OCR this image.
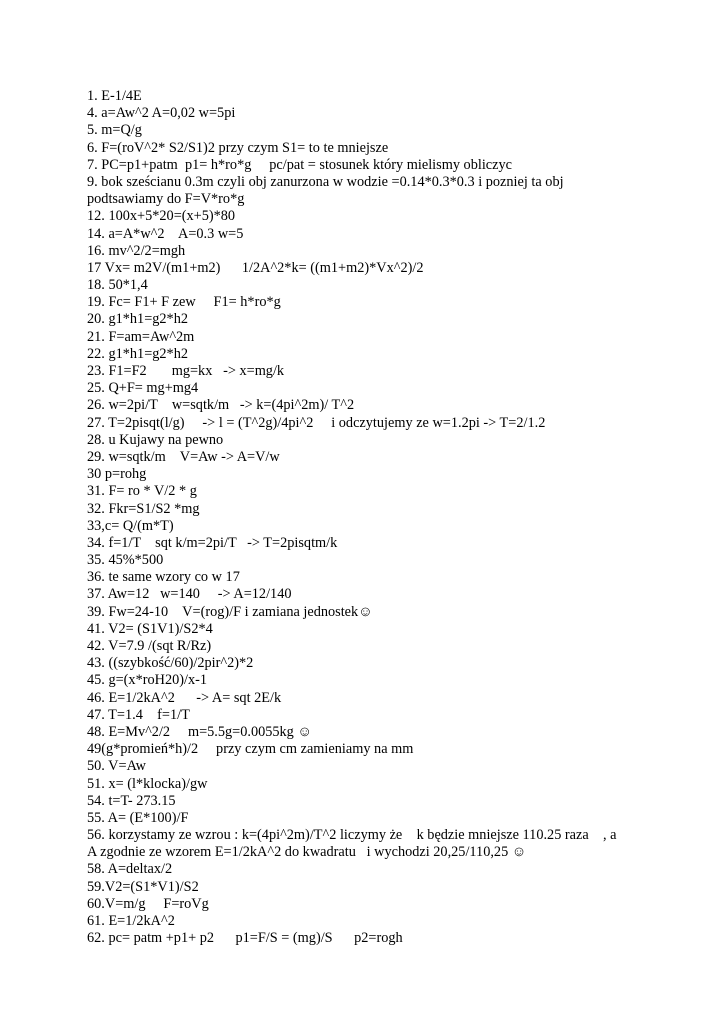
1. E-1/4E
4. a=Aw^2 A=0,02 w=5pi
5. m=Q/g
6. F=(roV^2* S2/S1)2 przy czym S1= to te mniejsze
7. PC=p1+patm  p1= h*ro*g     pc/pat = stosunek który mielismy obliczyc
9. bok sześcianu 0.3m czyli obj zanurzona w wodzie =0.14*0.3*0.3 i pozniej ta obj
podtsawiamy do F=V*ro*g
12. 100x+5*20=(x+5)*80
14. a=A*w^2    A=0.3 w=5
16. mv^2/2=mgh
17 Vx= m2V/(m1+m2)      1/2A^2*k= ((m1+m2)*Vx^2)/2
18. 50*1,4
19. Fc= F1+ F zew     F1= h*ro*g
20. g1*h1=g2*h2
21. F=am=Aw^2m
22. g1*h1=g2*h2
23. F1=F2       mg=kx   -> x=mg/k
25. Q+F= mg+mg4
26. w=2pi/T    w=sqtk/m   -> k=(4pi^2m)/ T^2
27. T=2pisqt(l/g)     -> l = (T^2g)/4pi^2     i odczytujemy ze w=1.2pi -> T=2/1.2
28. u Kujawy na pewno
29. w=sqtk/m    V=Aw -> A=V/w
30 p=rohg
31. F= ro * V/2 * g
32. Fkr=S1/S2 *mg
33,c= Q/(m*T)
34. f=1/T    sqt k/m=2pi/T   -> T=2pisqtm/k
35. 45%*500
36. te same wzory co w 17
37. Aw=12   w=140     -> A=12/140
39. Fw=24-10    V=(rog)/F i zamiana jednostek☺
41. V2= (S1V1)/S2*4
42. V=7.9 /(sqt R/Rz)
43. ((szybkość/60)/2pir^2)*2
45. g=(x*roH20)/x-1
46. E=1/2kA^2      -> A= sqt 2E/k
47. T=1.4    f=1/T
48. E=Mv^2/2     m=5.5g=0.0055kg ☺
49(g*promień*h)/2     przy czym cm zamieniamy na mm
50. V=Aw
51. x= (l*klocka)/gw
54. t=T- 273.15
55. A= (E*100)/F
56. korzystamy ze wzrou : k=(4pi^2m)/T^2 liczymy że    k będzie mniejsze 110.25 raza    , a
A zgodnie ze wzorem E=1/2kA^2 do kwadratu   i wychodzi 20,25/110,25 ☺
58. A=deltax/2
59.V2=(S1*V1)/S2
60.V=m/g     F=roVg
61. E=1/2kA^2
62. pc= patm +p1+ p2      p1=F/S = (mg)/S      p2=rogh
